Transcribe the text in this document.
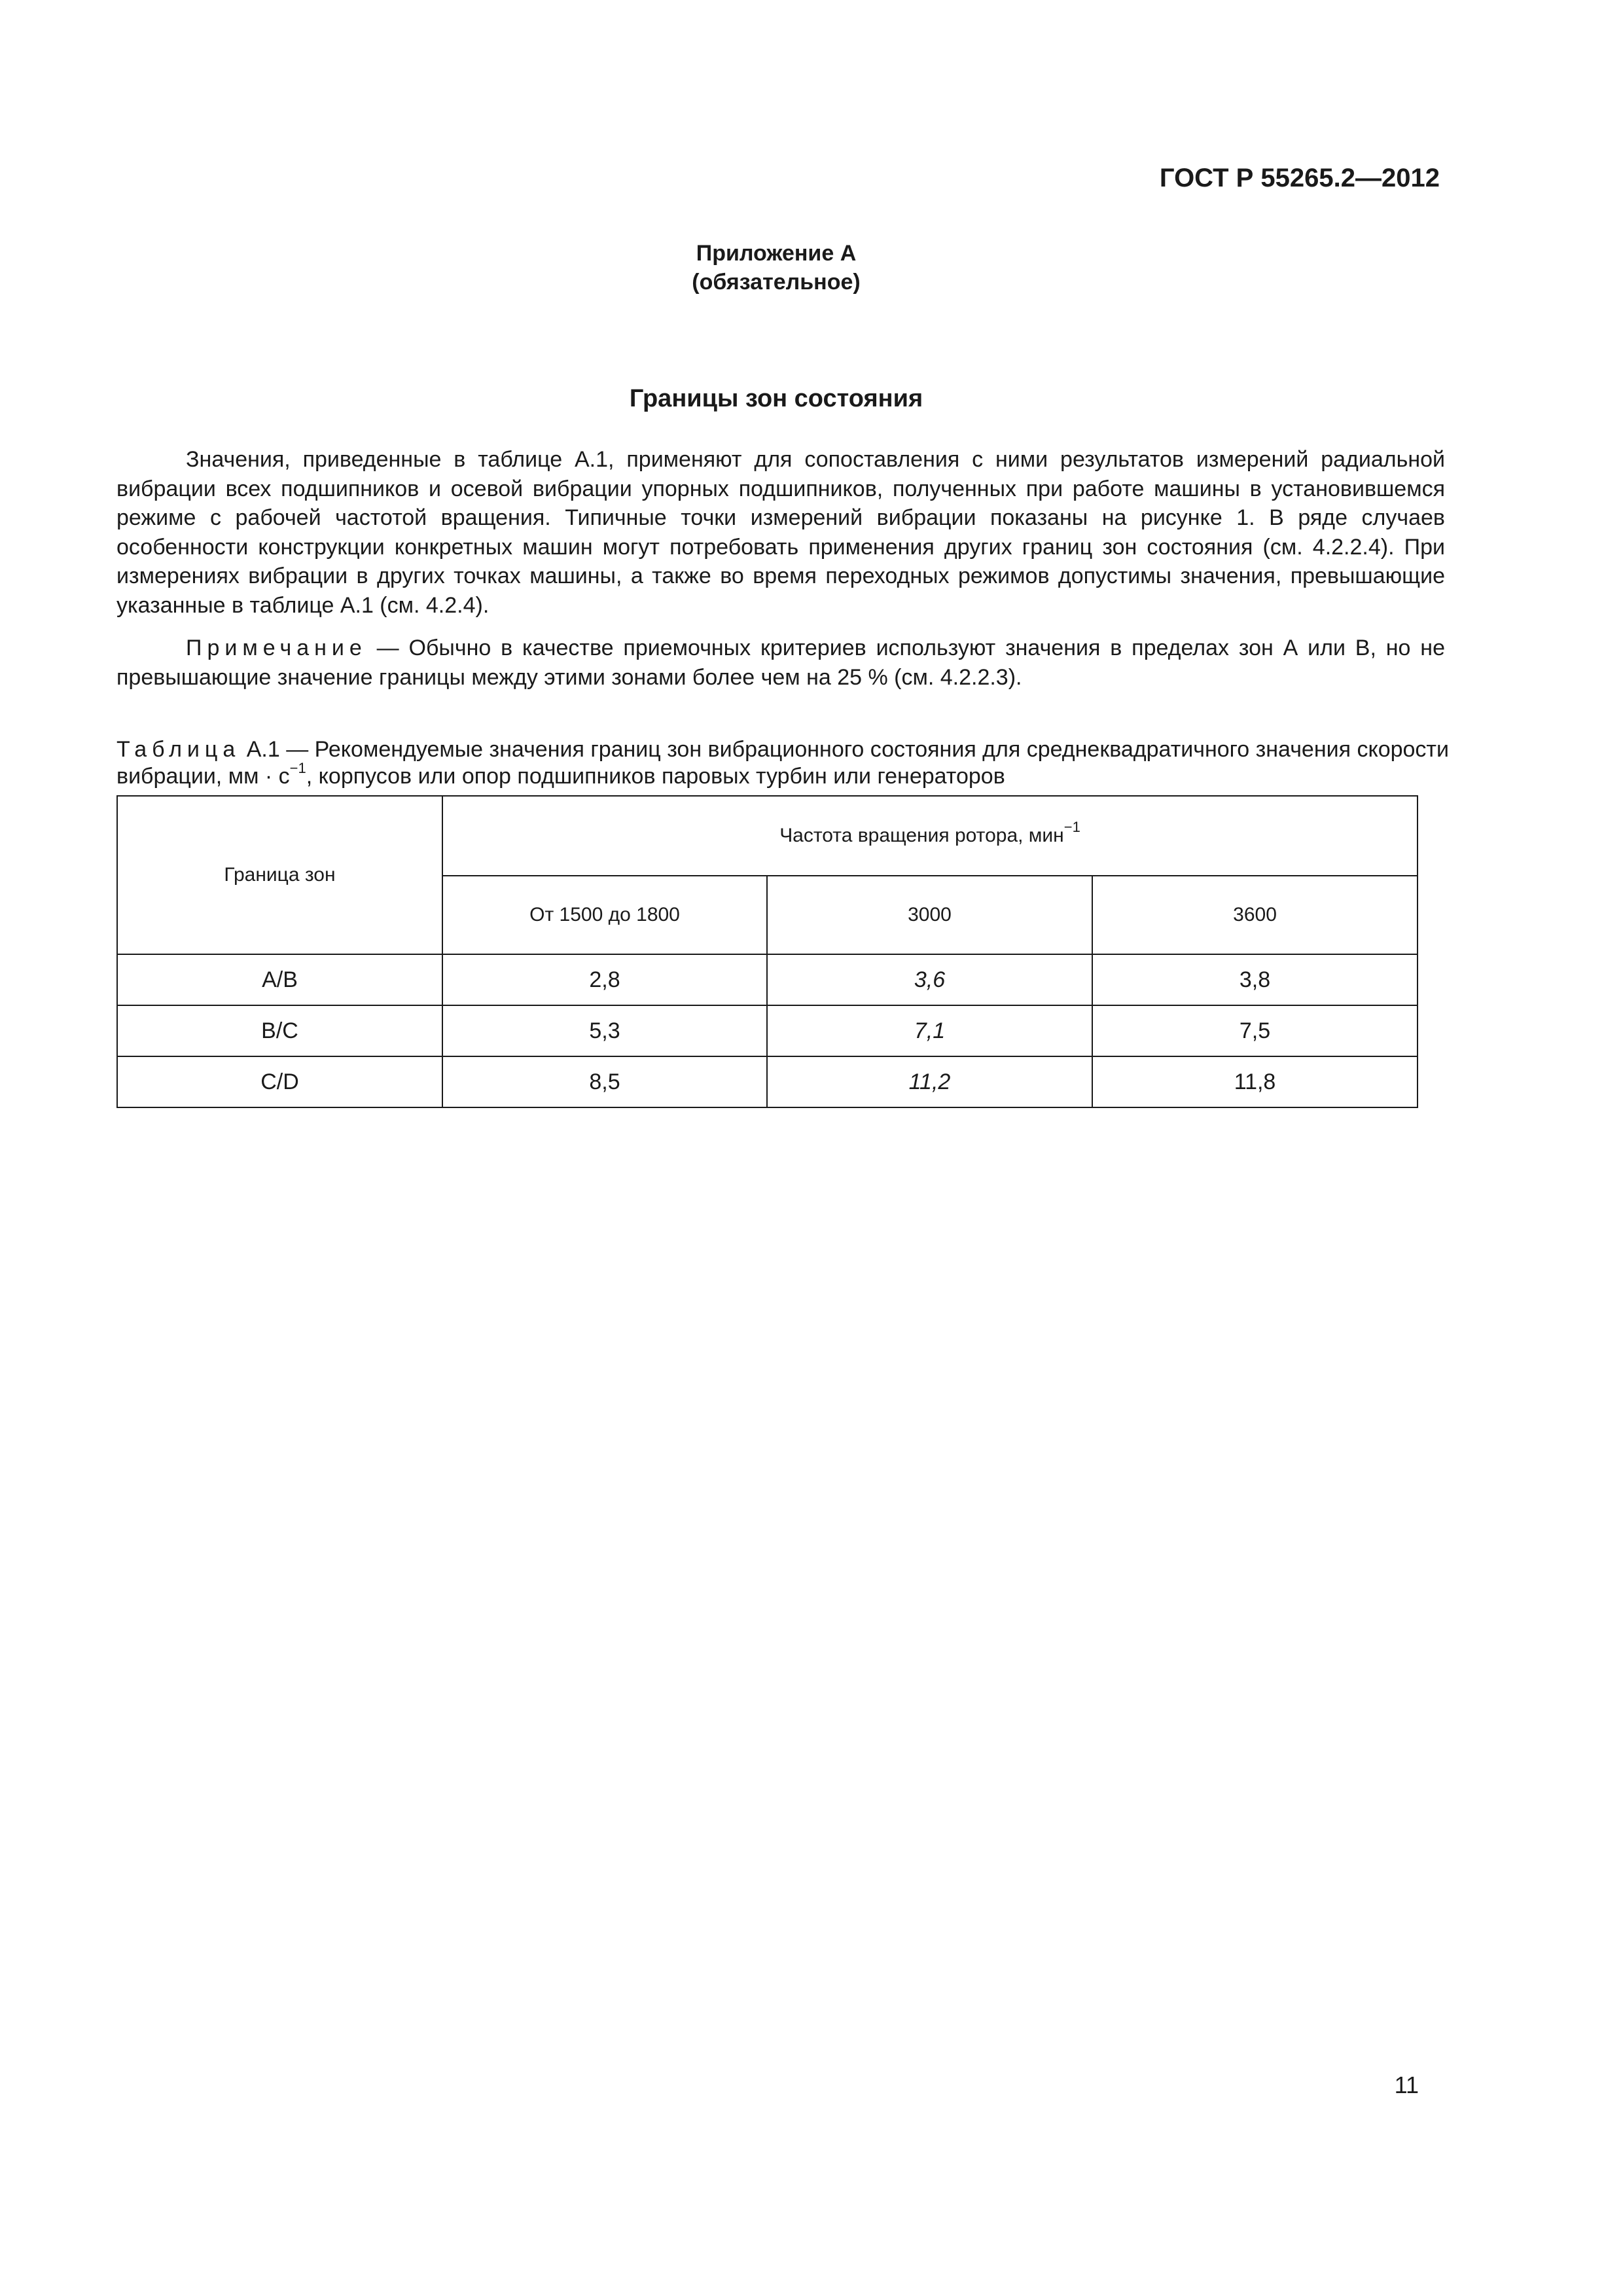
ГОСТ Р 55265.2—2012
Приложение А
(обязательное)
Границы зон состояния

Значения, приведенные в таблице А.1, применяют для сопоставления с ними результатов измерений радиальной вибрации всех подшипников и осевой вибрации упорных подшипников, полученных при работе машины в установившемся режиме с рабочей частотой вращения. Типичные точки измерений вибрации показаны на рисунке 1. В ряде случаев особенности конструкции конкретных машин могут потребовать применения других границ зон состояния (см. 4.2.2.4). При измерениях вибрации в других точках машины, а также во время переходных режимов допустимы значения, превышающие указанные в таблице А.1 (см. 4.2.4).

Примечание — Обычно в качестве приемочных критериев используют значения в пределах зон А или В, но не превышающие значение границы между этими зонами более чем на 25 % (см. 4.2.2.3).

Таблица А.1 — Рекомендуемые значения границ зон вибрационного состояния для среднеквадратичного значения скорости вибрации, мм · $с^{-1}$, корпусов или опор подшипников паровых турбин или генераторов

Граница зон	Частота вращения ротора, мин$^{-1}$
	От 1500 до 1800	3000	3600
А/В	2,8	3,6	3,8
В/С	5,3	7,1	7,5
С/D	8,5	11,2	11,8
11
